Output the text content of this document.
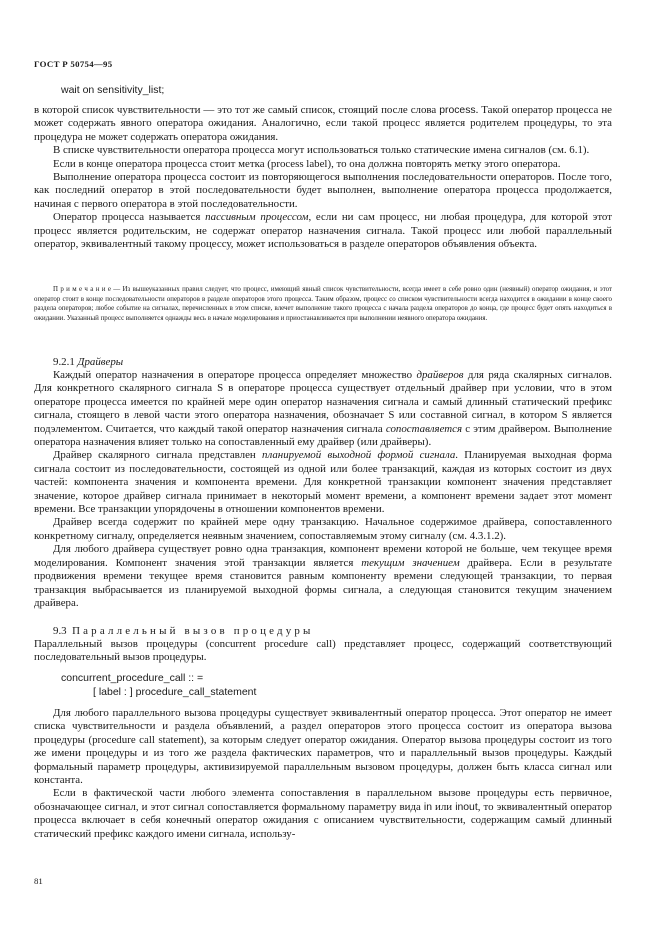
ГОСТ Р 50754—95
wait on sensitivity_list;

в которой список чувствительности — это тот же самый список, стоящий после слова process. Такой оператор процесса не может содержать явного оператора ожидания. Аналогично, если такой процесс является родителем процедуры, то эта процедура не может содержать оператора ожидания.

В списке чувствительности оператора процесса могут использоваться только статические имена сигналов (см. 6.1).

Если в конце оператора процесса стоит метка (process label), то она должна повторять метку этого оператора.

Выполнение оператора процесса состоит из повторяющегося выполнения последовательности операторов. После того, как последний оператор в этой последовательности будет выполнен, выполнение оператора процесса продолжается, начиная с первого оператора в этой последовательности.

Оператор процесса называется пассивным процессом, если ни сам процесс, ни любая процедура, для которой этот процесс является родительским, не содержат оператор назначения сигнала. Такой процесс или любой параллельный оператор, эквивалентный такому процессу, может использоваться в разделе операторов объявления объекта.

П р и м е ч а н и е — Из вышеуказанных правил следует, что процесс, имеющий явный список чувствительности, всегда имеет в себе ровно один (неявный) оператор ожидания, и этот оператор стоит в конце последовательности операторов в разделе операторов этого процесса. Таким образом, процесс со списком чувствительности всегда находится в ожидании в конце своего раздела операторов; любое событие на сигналах, перечисленных в этом списке, влечет выполнение такого процесса с начала раздела операторов до конца, где процесс будет опять находиться в ожидании. Указанный процесс выполняется однажды весь в начале моделирования и приостанавливается при выполнении неявного оператора ожидания.

9.2.1 Драйверы

Каждый оператор назначения в операторе процесса определяет множество драйверов для ряда скалярных сигналов. Для конкретного скалярного сигнала S в операторе процесса существует отдельный драйвер при условии, что в этом операторе процесса имеется по крайней мере один оператор назначения сигнала и самый длинный статический префикс сигнала, стоящего в левой части этого оператора назначения, обозначает S или составной сигнал, в котором S является подэлементом. Считается, что каждый такой оператор назначения сигнала сопоставляется с этим драйвером. Выполнение оператора назначения влияет только на сопоставленный ему драйвер (или драйверы).

Драйвер скалярного сигнала представлен планируемой выходной формой сигнала. Планируемая выходная форма сигнала состоит из последовательности, состоящей из одной или более транзакций, каждая из которых состоит из двух частей: компонента значения и компонента времени. Для конкретной транзакции компонент значения представляет значение, которое драйвер сигнала принимает в некоторый момент времени, а компонент времени задает этот момент времени. Все транзакции упорядочены в отношении компонентов времени.

Драйвер всегда содержит по крайней мере одну транзакцию. Начальное содержимое драйвера, сопоставленного конкретному сигналу, определяется неявным значением, сопоставляемым этому сигналу (см. 4.3.1.2).

Для любого драйвера существует ровно одна транзакция, компонент времени которой не больше, чем текущее время моделирования. Компонент значения этой транзакции является текущим значением драйвера. Если в результате продвижения времени текущее время становится равным компоненту времени следующей транзакции, то первая транзакция выбрасывается из планируемой выходной формы сигнала, а следующая становится текущим значением драйвера.

9.3 Параллельный вызов процедуры

Параллельный вызов процедуры (concurrent procedure call) представляет процесс, содержащий соответствующий последовательный вызов процедуры.

concurrent_procedure_call :: =
[ label : ] procedure_call_statement

Для любого параллельного вызова процедуры существует эквивалентный оператор процесса. Этот оператор не имеет списка чувствительности и раздела объявлений, а раздел операторов этого процесса состоит из оператора вызова процедуры (procedure call statement), за которым следует оператор ожидания. Оператор вызова процедуры состоит из того же имени процедуры и из того же раздела фактических параметров, что и параллельный вызов процедуры. Каждый формальный параметр процедуры, активизируемой параллельным вызовом процедуры, должен быть класса сигнал или константа.

Если в фактической части любого элемента сопоставления в параллельном вызове процедуры есть первичное, обозначающее сигнал, и этот сигнал сопоставляется формальному параметру вида in или inout, то эквивалентный оператор процесса включает в себя конечный оператор ожидания с описанием чувствительности, содержащим самый длинный статический префикс каждого имени сигнала, использу-

81
